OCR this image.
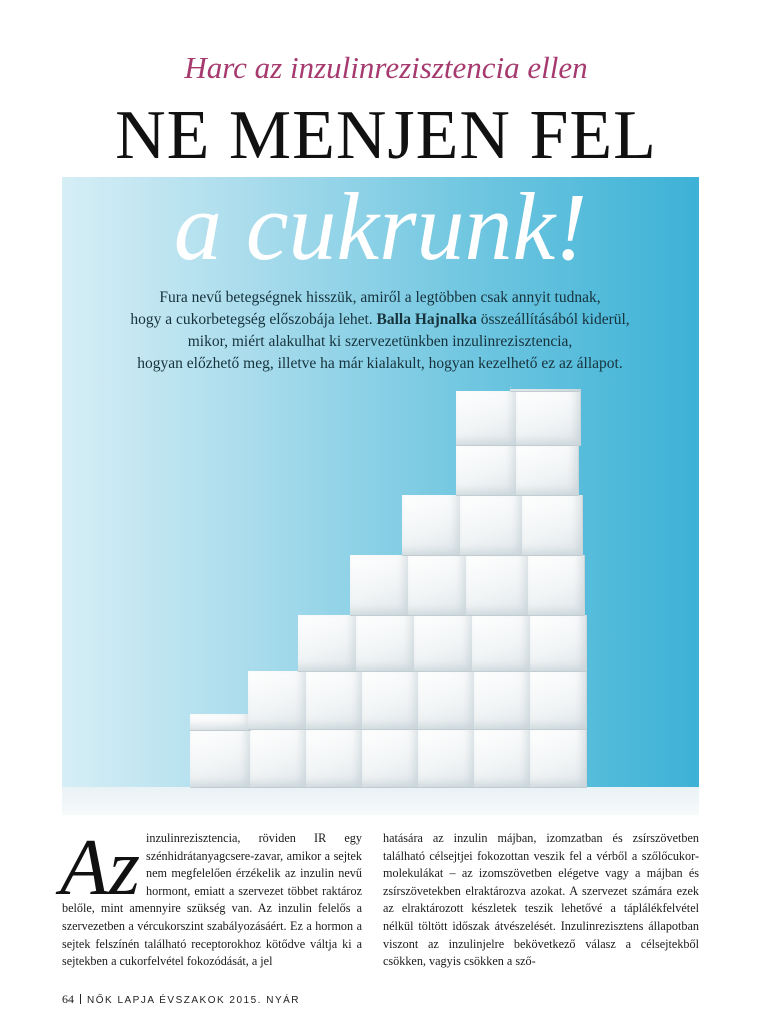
Harc az inzulinrezisztencia ellen
NE MENJEN FEL
a cukrunk!
Fura nevű betegségnek hisszük, amiről a legtöbben csak annyit tudnak,
hogy a cukorbetegség előszobája lehet. Balla Hajnalka összeállításából kiderül,
mikor, miért alakulhat ki szervezetünkben inzulinrezisztencia,
hogyan előzhető meg, illetve ha már kialakult, hogyan kezelhető ez az állapot.
Az inzulinrezisztencia, röviden IR egy szénhidrátanyagcsere-zavar, amikor a sejtek nem megfelelően érzékelik az inzulin nevű hormont, emiatt a szervezet többet raktároz belőle, mint amennyire szükség van. Az inzulin felelős a szervezetben a vércukorszint szabályozásáért. Ez a hormon a sejtek felszínén található receptorokhoz kötődve váltja ki a sejtekben a cukorfelvétel fokozódását, a jel
hatására az inzulin májban, izomzatban és zsírszövetben található célsejtjei fokozottan veszik fel a vérből a szőlőcukor-molekulákat – az izomszövetben elégetve vagy a májban és zsírszövetekben elraktározva azokat. A szervezet számára ezek az elraktározott készletek teszik lehetővé a táplálékfelvétel nélkül töltött időszak átvészelését. Inzulinrezisztens állapotban viszont az inzulinjelre bekövetkező válasz a célsejtekből csökken, vagyis csökken a sző-
64 NŐK LAPJA ÉVSZAKOK 2015. NYÁR
